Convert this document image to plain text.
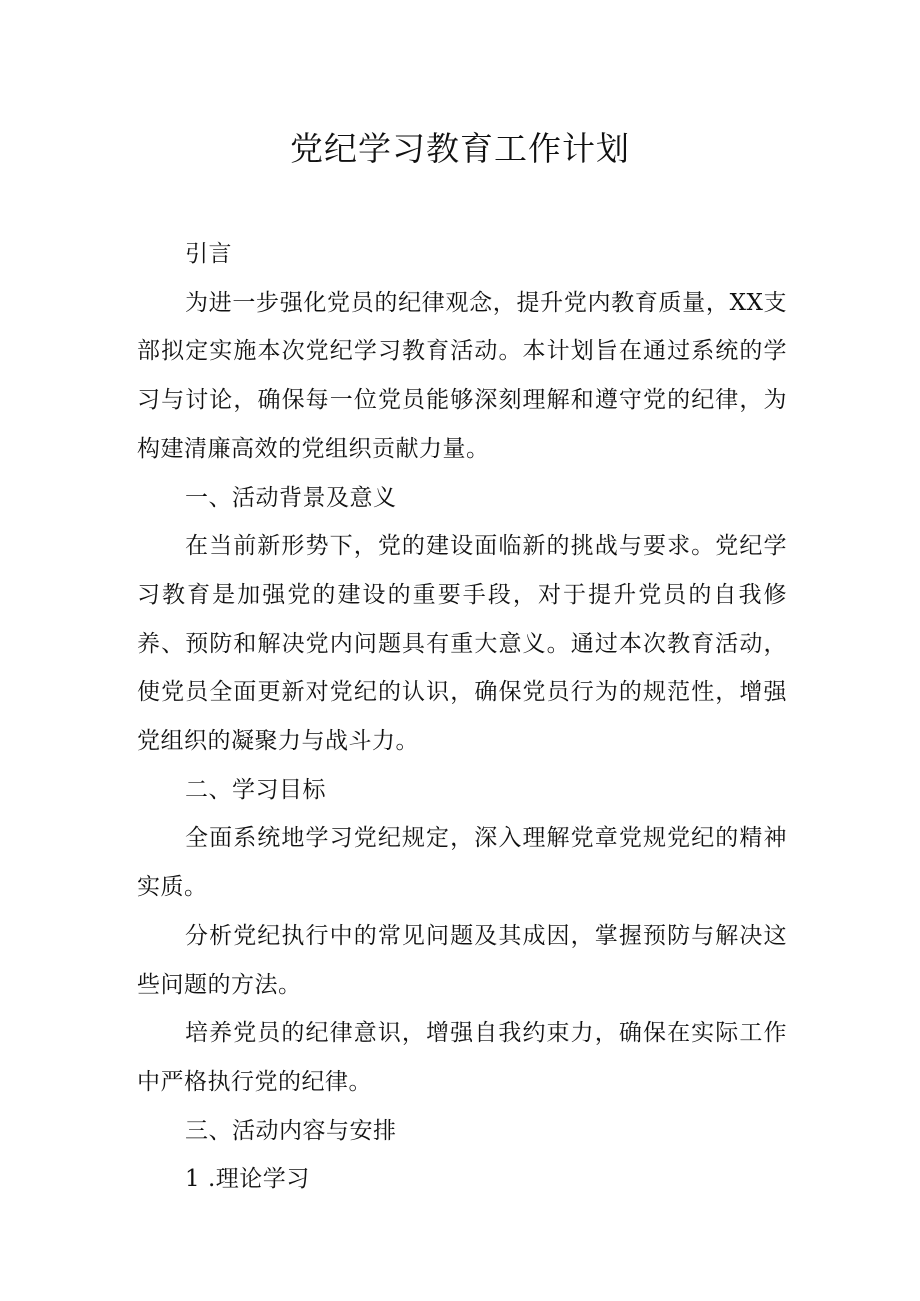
党纪学习教育工作计划

引言

为进一步强化党员的纪律观念，提升党内教育质量，XX支部拟定实施本次党纪学习教育活动。本计划旨在通过系统的学习与讨论，确保每一位党员能够深刻理解和遵守党的纪律，为构建清廉高效的党组织贡献力量。

一、活动背景及意义

在当前新形势下，党的建设面临新的挑战与要求。党纪学习教育是加强党的建设的重要手段，对于提升党员的自我修养、预防和解决党内问题具有重大意义。通过本次教育活动，使党员全面更新对党纪的认识，确保党员行为的规范性，增强党组织的凝聚力与战斗力。

二、学习目标

全面系统地学习党纪规定，深入理解党章党规党纪的精神实质。

分析党纪执行中的常见问题及其成因，掌握预防与解决这些问题的方法。

培养党员的纪律意识，增强自我约束力，确保在实际工作中严格执行党的纪律。

三、活动内容与安排

1 .理论学习
